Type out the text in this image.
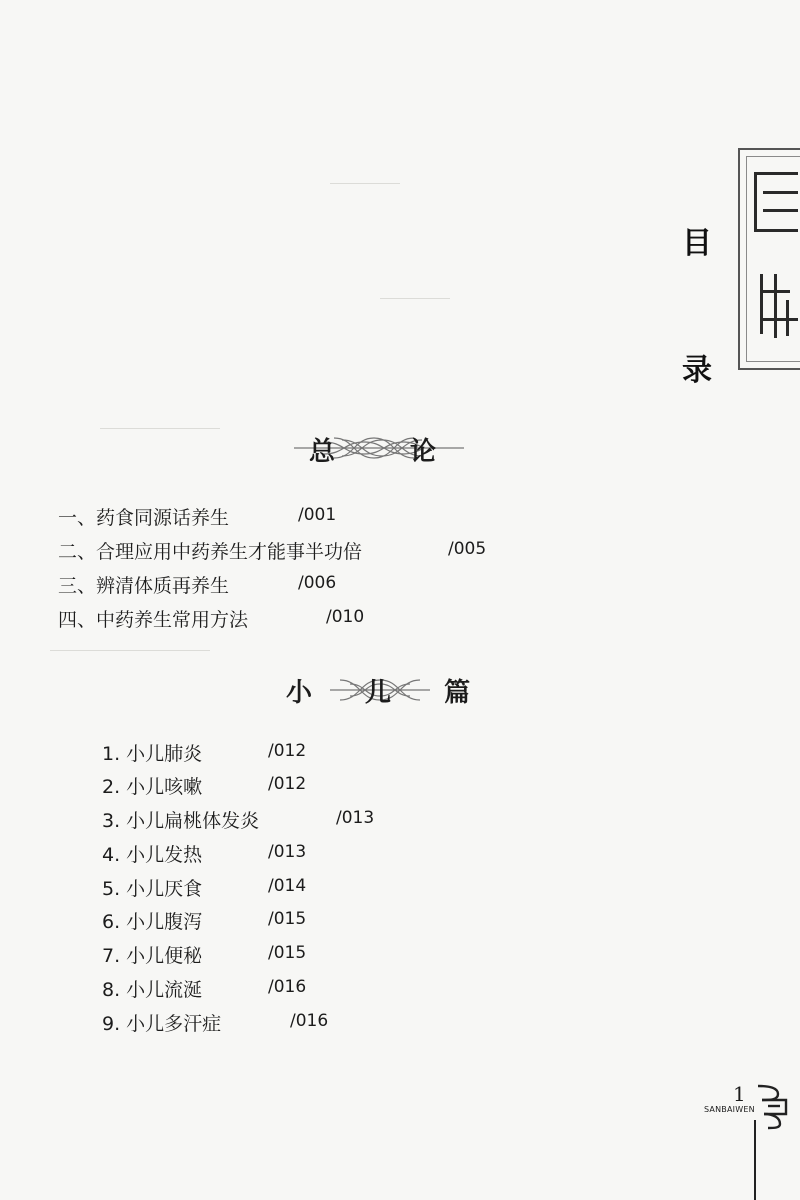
目
录
总 论
一、药食同源话养生	/001
二、合理应用中药养生才能事半功倍	/005
三、辨清体质再养生	/006
四、中药养生常用方法	/010
小 儿 篇
1. 小儿肺炎	/012
2. 小儿咳嗽	/012
3. 小儿扁桃体发炎	/013
4. 小儿发热	/013
5. 小儿厌食	/014
6. 小儿腹泻	/015
7. 小儿便秘	/015
8. 小儿流涎	/016
9. 小儿多汗症	/016
1
SANBAIWEN
